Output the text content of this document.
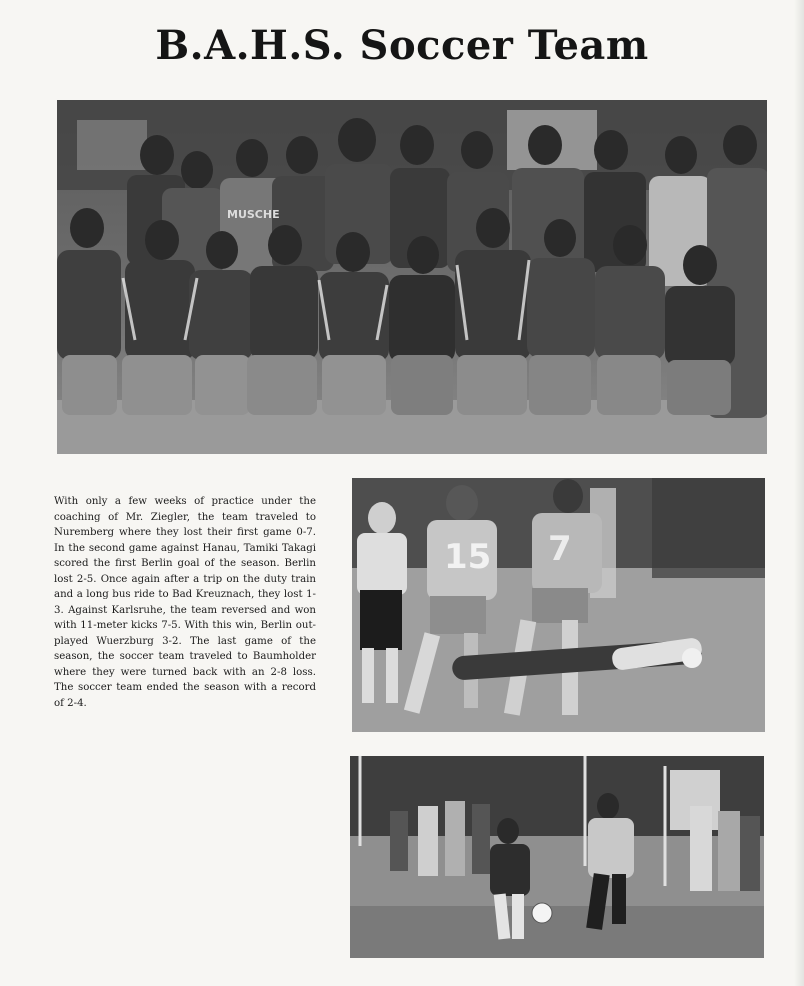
B.A.H.S. Soccer Team
MUSCHE
With only a few weeks of practice under the coaching of Mr. Ziegler, the team traveled to Nuremberg where they lost their first game 0-7. In the second game against Hanau, Tamiki Takagi scored the first Berlin goal of the season. Berlin lost 2-5. Once again after a trip on the duty train and a long bus ride to Bad Kreuznach, they lost 1-3. Against Karlsruhe, the team reversed and won with 11-meter kicks 7-5. With this win, Berlin out-played Wuerzburg 3-2. The last game of the season, the soccer team traveled to Baumholder where they were turned back with an 2-8 loss. The soccer team ended the season with a record of 2-4.
15 7
